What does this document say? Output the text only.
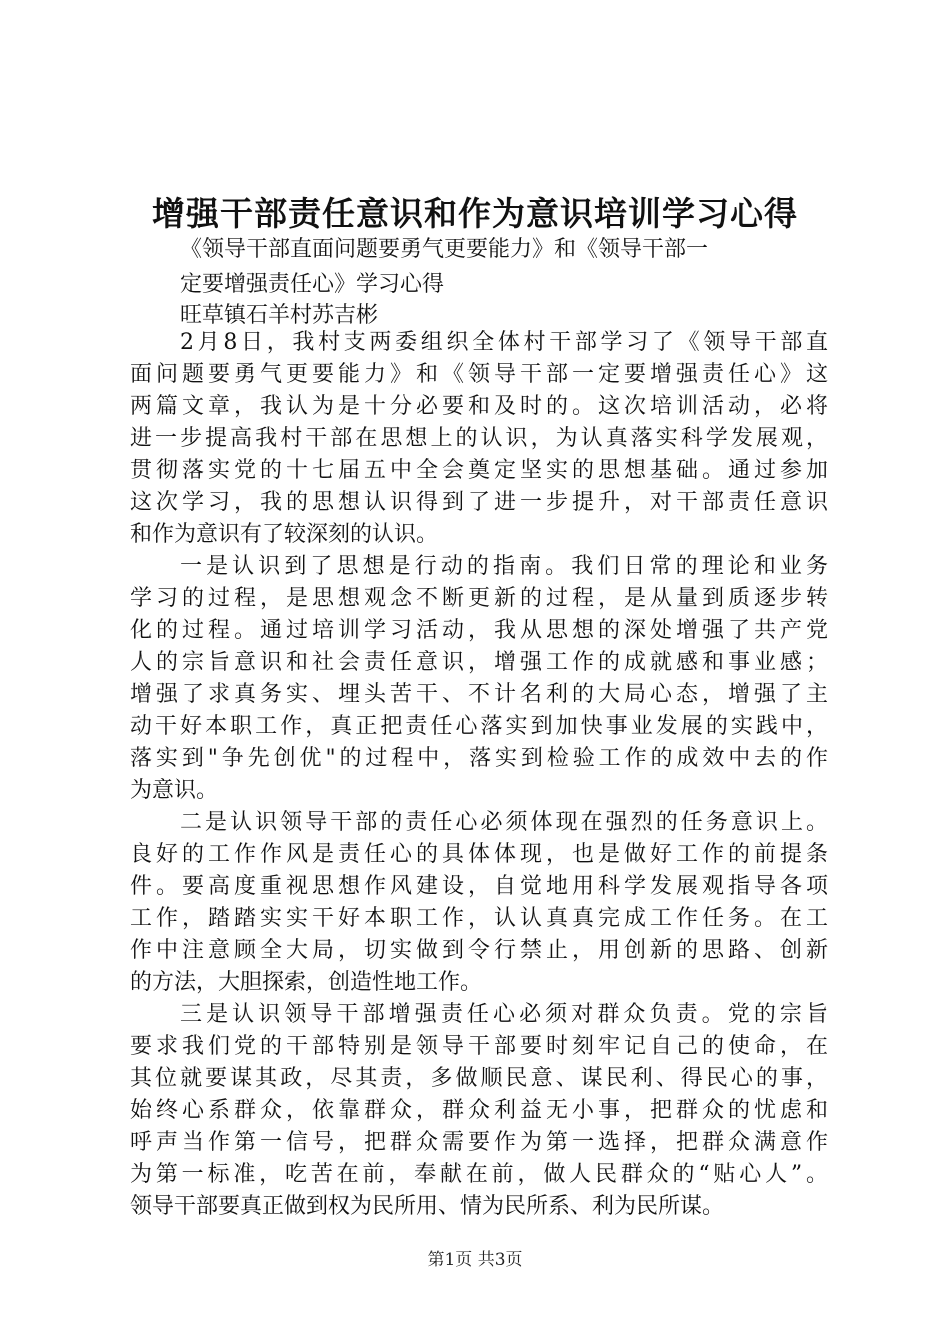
增强干部责任意识和作为意识培训学习心得
《领导干部直面问题要勇气更要能力》和《领导干部一
定要增强责任心》学习心得
旺草镇石羊村苏吉彬
2月8日，我村支两委组织全体村干部学习了《领导干部直
面问题要勇气更要能力》和《领导干部一定要增强责任心》这
两篇文章，我认为是十分必要和及时的。这次培训活动，必将
进一步提高我村干部在思想上的认识，为认真落实科学发展观，
贯彻落实党的十七届五中全会奠定坚实的思想基础。通过参加
这次学习，我的思想认识得到了进一步提升，对干部责任意识
和作为意识有了较深刻的认识。
一是认识到了思想是行动的指南。我们日常的理论和业务
学习的过程，是思想观念不断更新的过程，是从量到质逐步转
化的过程。通过培训学习活动，我从思想的深处增强了共产党
人的宗旨意识和社会责任意识，增强工作的成就感和事业感；
增强了求真务实、埋头苦干、不计名利的大局心态，增强了主
动干好本职工作，真正把责任心落实到加快事业发展的实践中，
落实到"争先创优"的过程中，落实到检验工作的成效中去的作
为意识。
二是认识领导干部的责任心必须体现在强烈的任务意识上。
良好的工作作风是责任心的具体体现，也是做好工作的前提条
件。要高度重视思想作风建设，自觉地用科学发展观指导各项
工作，踏踏实实干好本职工作，认认真真完成工作任务。在工
作中注意顾全大局，切实做到令行禁止，用创新的思路、创新
的方法，大胆探索，创造性地工作。
三是认识领导干部增强责任心必须对群众负责。党的宗旨
要求我们党的干部特别是领导干部要时刻牢记自己的使命，在
其位就要谋其政，尽其责，多做顺民意、谋民利、得民心的事，
始终心系群众，依靠群众，群众利益无小事，把群众的忧虑和
呼声当作第一信号，把群众需要作为第一选择，把群众满意作
为第一标准，吃苦在前，奉献在前，做人民群众的“贴心人”。
领导干部要真正做到权为民所用、情为民所系、利为民所谋。
第1页 共3页
